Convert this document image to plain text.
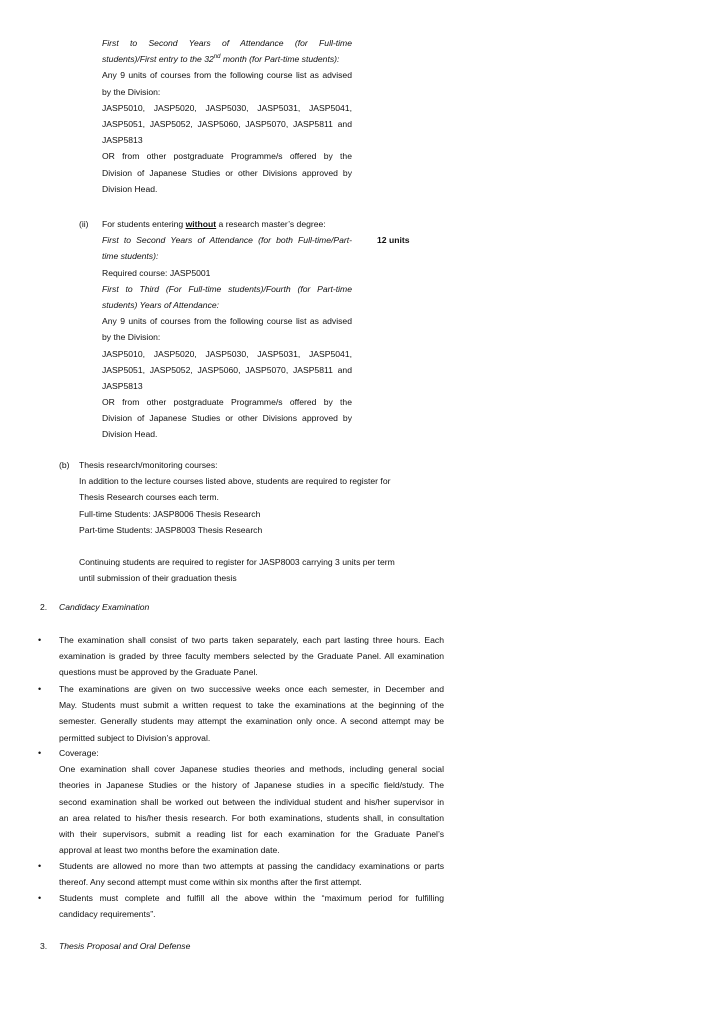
First to Second Years of Attendance (for Full-time
students)/First entry to the 32nd month (for Part-time students):
Any 9 units of courses from the following course list as advised
by the Division:
JASP5010, JASP5020, JASP5030, JASP5031, JASP5041,
JASP5051, JASP5052, JASP5060, JASP5070, JASP5811 and
JASP5813
OR from other postgraduate Programme/s offered by the
Division of Japanese Studies or other Divisions approved by
Division Head.
(ii)
12 units
For students entering without a research master’s degree:
First to Second Years of Attendance (for both Full-time/Part-
time students):
Required course: JASP5001
First to Third (For Full-time students)/Fourth (for Part-time
students) Years of Attendance:
Any 9 units of courses from the following course list as advised
by the Division:
JASP5010, JASP5020, JASP5030, JASP5031, JASP5041,
JASP5051, JASP5052, JASP5060, JASP5070, JASP5811 and
JASP5813
OR from other postgraduate Programme/s offered by the
Division of Japanese Studies or other Divisions approved by
Division Head.
(b) Thesis research/monitoring courses:
In addition to the lecture courses listed above, students are required to register for
Thesis Research courses each term.
Full-time Students: JASP8006 Thesis Research
Part-time Students: JASP8003 Thesis Research
Continuing students are required to register for JASP8003 carrying 3 units per term
until submission of their graduation thesis
2. Candidacy Examination
• The examination shall consist of two parts taken separately, each part lasting three hours. Each
examination is graded by three faculty members selected by the Graduate Panel. All examination
questions must be approved by the Graduate Panel.
• The examinations are given on two successive weeks once each semester, in December and
May. Students must submit a written request to take the examinations at the beginning of the
semester. Generally students may attempt the examination only once. A second attempt may be
permitted subject to Division’s approval.
• Coverage:
One examination shall cover Japanese studies theories and methods, including general social
theories in Japanese Studies or the history of Japanese studies in a specific field/study. The
second examination shall be worked out between the individual student and his/her supervisor in
an area related to his/her thesis research. For both examinations, students shall, in consultation
with their supervisors, submit a reading list for each examination for the Graduate Panel’s
approval at least two months before the examination date.
• Students are allowed no more than two attempts at passing the candidacy examinations or parts
thereof. Any second attempt must come within six months after the first attempt.
• Students must complete and fulfill all the above within the “maximum period for fulfilling
candidacy requirements”.
3. Thesis Proposal and Oral Defense
